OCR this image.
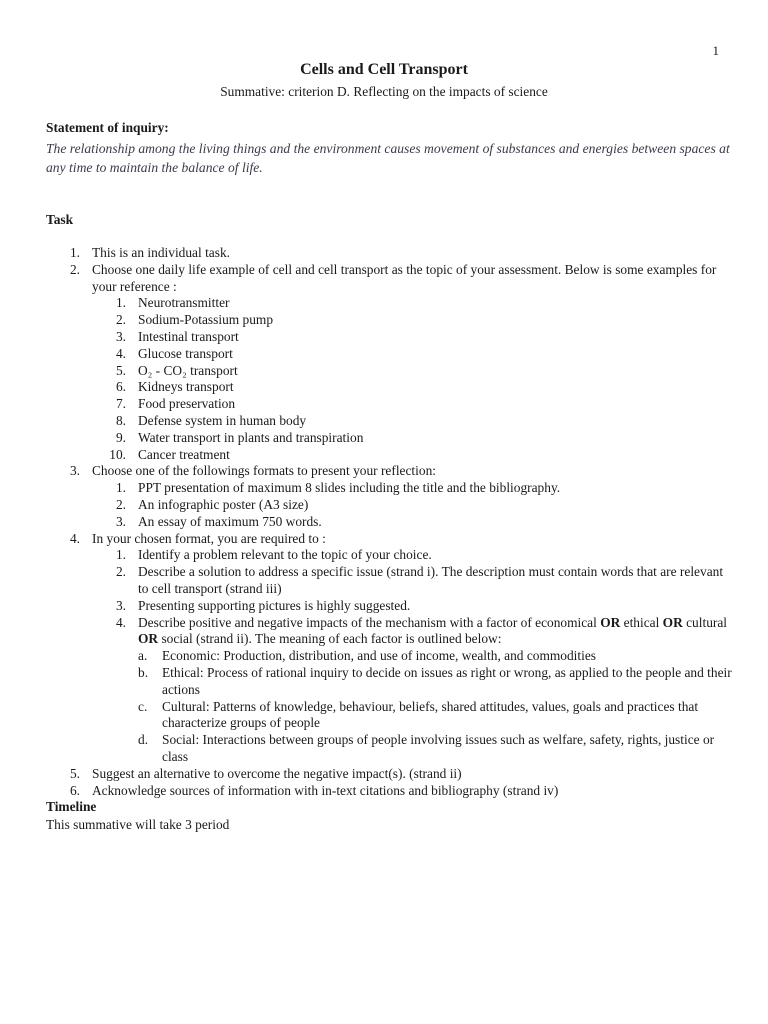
1
Cells and Cell Transport
Summative: criterion D. Reflecting on the impacts of science
Statement of inquiry:
The relationship among the living things and the environment causes movement of substances and energies between spaces at any time to maintain the balance of life.
Task
1. This is an individual task.
2. Choose one daily life example of cell and cell transport as the topic of your assessment. Below is some examples for your reference :
1. Neurotransmitter
2. Sodium-Potassium pump
3. Intestinal transport
4. Glucose transport
5. O₂ - CO₂ transport
6. Kidneys transport
7. Food preservation
8. Defense system in human body
9. Water transport in plants and transpiration
10. Cancer treatment
3. Choose one of the followings formats to present your reflection:
1. PPT presentation of maximum 8 slides including the title and the bibliography.
2. An infographic poster (A3 size)
3. An essay of maximum 750 words.
4. In your chosen format, you are required to :
1. Identify a problem relevant to the topic of your choice.
2. Describe a solution to address a specific issue (strand i). The description must contain words that are relevant to cell transport (strand iii)
3. Presenting supporting pictures is highly suggested.
4. Describe positive and negative impacts of the mechanism with a factor of economical OR ethical OR cultural OR social (strand ii). The meaning of each factor is outlined below:
a.	Economic: Production, distribution, and use of income, wealth, and commodities
b.	Ethical: Process of rational inquiry to decide on issues as right or wrong, as applied to the people and their actions
c.	Cultural: Patterns of knowledge, behaviour, beliefs, shared attitudes, values, goals and practices that characterize groups of people
d.	Social: Interactions between groups of people involving issues such as welfare, safety, rights, justice or class
5. Suggest an alternative to overcome the negative impact(s). (strand ii)
6. Acknowledge sources of information with in-text citations and bibliography (strand iv)
Timeline
This summative will take 3 period
